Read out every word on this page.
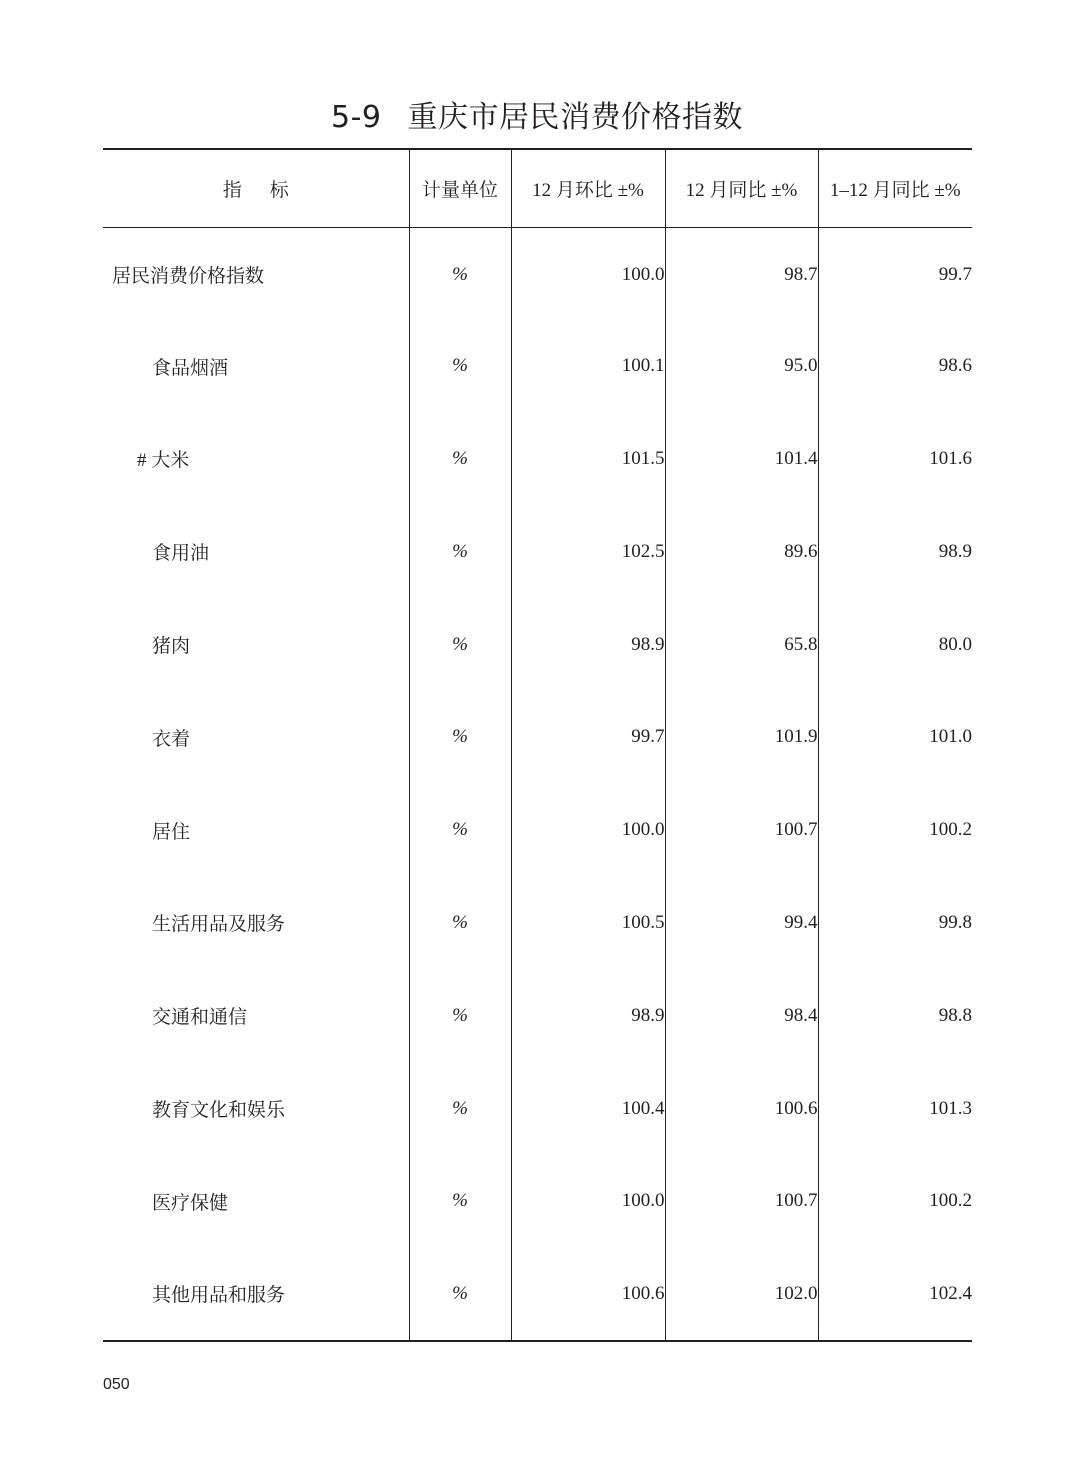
5-9 重庆市居民消费价格指数
指 标	计量单位	12 月环比 ±%	12 月同比 ±%	1–12 月同比 ±%
居民消费价格指数	%	100.0	98.7	99.7
食品烟酒	%	100.1	95.0	98.6
# 大米	%	101.5	101.4	101.6
食用油	%	102.5	89.6	98.9
猪肉	%	98.9	65.8	80.0
衣着	%	99.7	101.9	101.0
居住	%	100.0	100.7	100.2
生活用品及服务	%	100.5	99.4	99.8
交通和通信	%	98.9	98.4	98.8
教育文化和娱乐	%	100.4	100.6	101.3
医疗保健	%	100.0	100.7	100.2
其他用品和服务	%	100.6	102.0	102.4
050
